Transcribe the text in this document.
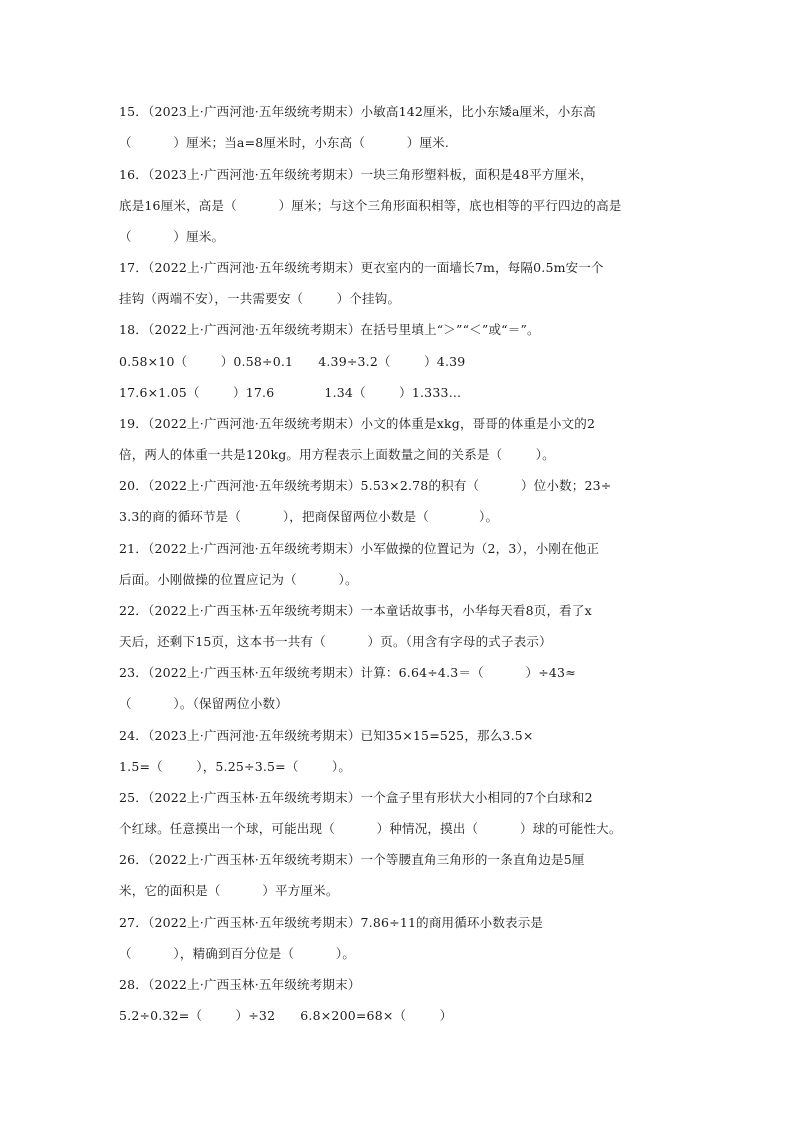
15．（2023上·广西河池·五年级统考期末）小敏高142厘米，比小东矮a厘米，小东高
（          ）厘米；当a=8厘米时，小东高（          ）厘米.
16．（2023上·广西河池·五年级统考期末）一块三角形塑料板，面积是48平方厘米，
底是16厘米，高是（          ）厘米；与这个三角形面积相等，底也相等的平行四边的高是
（          ）厘米。
17．（2022上·广西河池·五年级统考期末）更衣室内的一面墙长7m，每隔0.5m安一个
挂钩（两端不安），一共需要安（        ）个挂钩。
18．（2022上·广西河池·五年级统考期末）在括号里填上“＞”“＜”或“＝”。
0.58×10（        ）0.58÷0.1      4.39÷3.2（        ）4.39
17.6×1.05（        ）17.6            1.34（        ）1.333…
19．（2022上·广西河池·五年级统考期末）小文的体重是xkg，哥哥的体重是小文的2
倍，两人的体重一共是120kg。用方程表示上面数量之间的关系是（        ）。
20．（2022上·广西河池·五年级统考期末）5.53×2.78的积有（          ）位小数；23÷
3.3的商的循环节是（          ），把商保留两位小数是（            ）。
21．（2022上·广西河池·五年级统考期末）小军做操的位置记为（2，3），小刚在他正
后面。小刚做操的位置应记为（          ）。
22．（2022上·广西玉林·五年级统考期末）一本童话故事书，小华每天看8页，看了x
天后，还剩下15页，这本书一共有（          ）页。（用含有字母的式子表示）
23．（2022上·广西玉林·五年级统考期末）计算：6.64÷4.3＝（          ）÷43≈
（          ）。（保留两位小数）
24．（2023上·广西河池·五年级统考期末）已知35×15=525，那么3.5×
1.5=（        ），5.25÷3.5=（        ）。
25．（2022上·广西玉林·五年级统考期末）一个盒子里有形状大小相同的7个白球和2
个红球。任意摸出一个球，可能出现（          ）种情况，摸出（          ）球的可能性大。
26．（2022上·广西玉林·五年级统考期末）一个等腰直角三角形的一条直角边是5厘
米，它的面积是（          ）平方厘米。
27．（2022上·广西玉林·五年级统考期末）7.86÷11的商用循环小数表示是
（          ），精确到百分位是（          ）。
28．（2022上·广西玉林·五年级统考期末）
5.2÷0.32=（        ）÷32      6.8×200=68×（        ）
